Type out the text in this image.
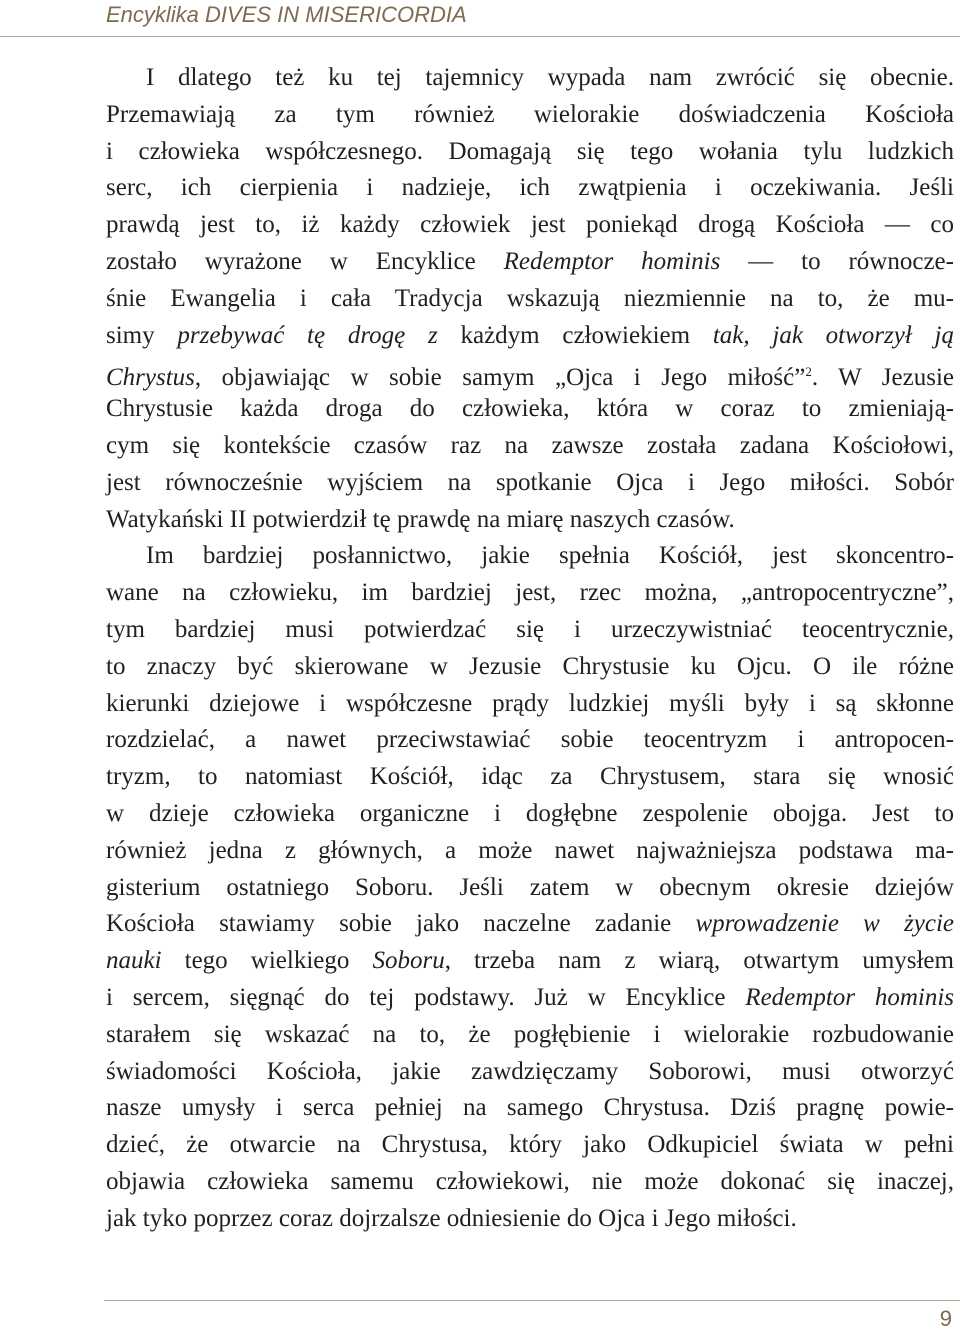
Encyklika DIVES IN MISERICORDIA

I dlatego też ku tej tajemnicy wypada nam zwrócić się obecnie.
Przemawiają za tym również wielorakie doświadczenia Kościoła
i człowieka współczesnego. Domagają się tego wołania tylu ludzkich
serc, ich cierpienia i nadzieje, ich zwątpienia i oczekiwania. Jeśli
prawdą jest to, iż każdy człowiek jest poniekąd drogą Kościoła — co
zostało wyrażone w Encyklice Redemptor hominis — to równocze-
śnie Ewangelia i cała Tradycja wskazują niezmiennie na to, że mu-
simy przebywać tę drogę z każdym człowiekiem tak, jak otworzył ją
Chrystus, objawiając w sobie samym „Ojca i Jego miłość”$^2$. W Jezusie
Chrystusie każda droga do człowieka, która w coraz to zmieniają-
cym się kontekście czasów raz na zawsze została zadana Kościołowi,
jest równocześnie wyjściem na spotkanie Ojca i Jego miłości. Sobór
Watykański II potwierdził tę prawdę na miarę naszych czasów.
Im bardziej posłannictwo, jakie spełnia Kościół, jest skoncentro-
wane na człowieku, im bardziej jest, rzec można, „antropocentryczne”,
tym bardziej musi potwierdzać się i urzeczywistniać teocentrycznie,
to znaczy być skierowane w Jezusie Chrystusie ku Ojcu. O ile różne
kierunki dziejowe i współczesne prądy ludzkiej myśli były i są skłonne
rozdzielać, a nawet przeciwstawiać sobie teocentryzm i antropocen-
tryzm, to natomiast Kościół, idąc za Chrystusem, stara się wnosić
w dzieje człowieka organiczne i dogłębne zespolenie obojga. Jest to
również jedna z głównych, a może nawet najważniejsza podstawa ma-
gisterium ostatniego Soboru. Jeśli zatem w obecnym okresie dziejów
Kościoła stawiamy sobie jako naczelne zadanie wprowadzenie w życie
nauki tego wielkiego Soboru, trzeba nam z wiarą, otwartym umysłem
i sercem, sięgnąć do tej podstawy. Już w Encyklice Redemptor hominis
starałem się wskazać na to, że pogłębienie i wielorakie rozbudowanie
świadomości Kościoła, jakie zawdzięczamy Soborowi, musi otworzyć
nasze umysły i serca pełniej na samego Chrystusa. Dziś pragnę powie-
dzieć, że otwarcie na Chrystusa, który jako Odkupiciel świata w pełni
objawia człowieka samemu człowiekowi, nie może dokonać się inaczej,
jak tyko poprzez coraz dojrzalsze odniesienie do Ojca i Jego miłości.

9
